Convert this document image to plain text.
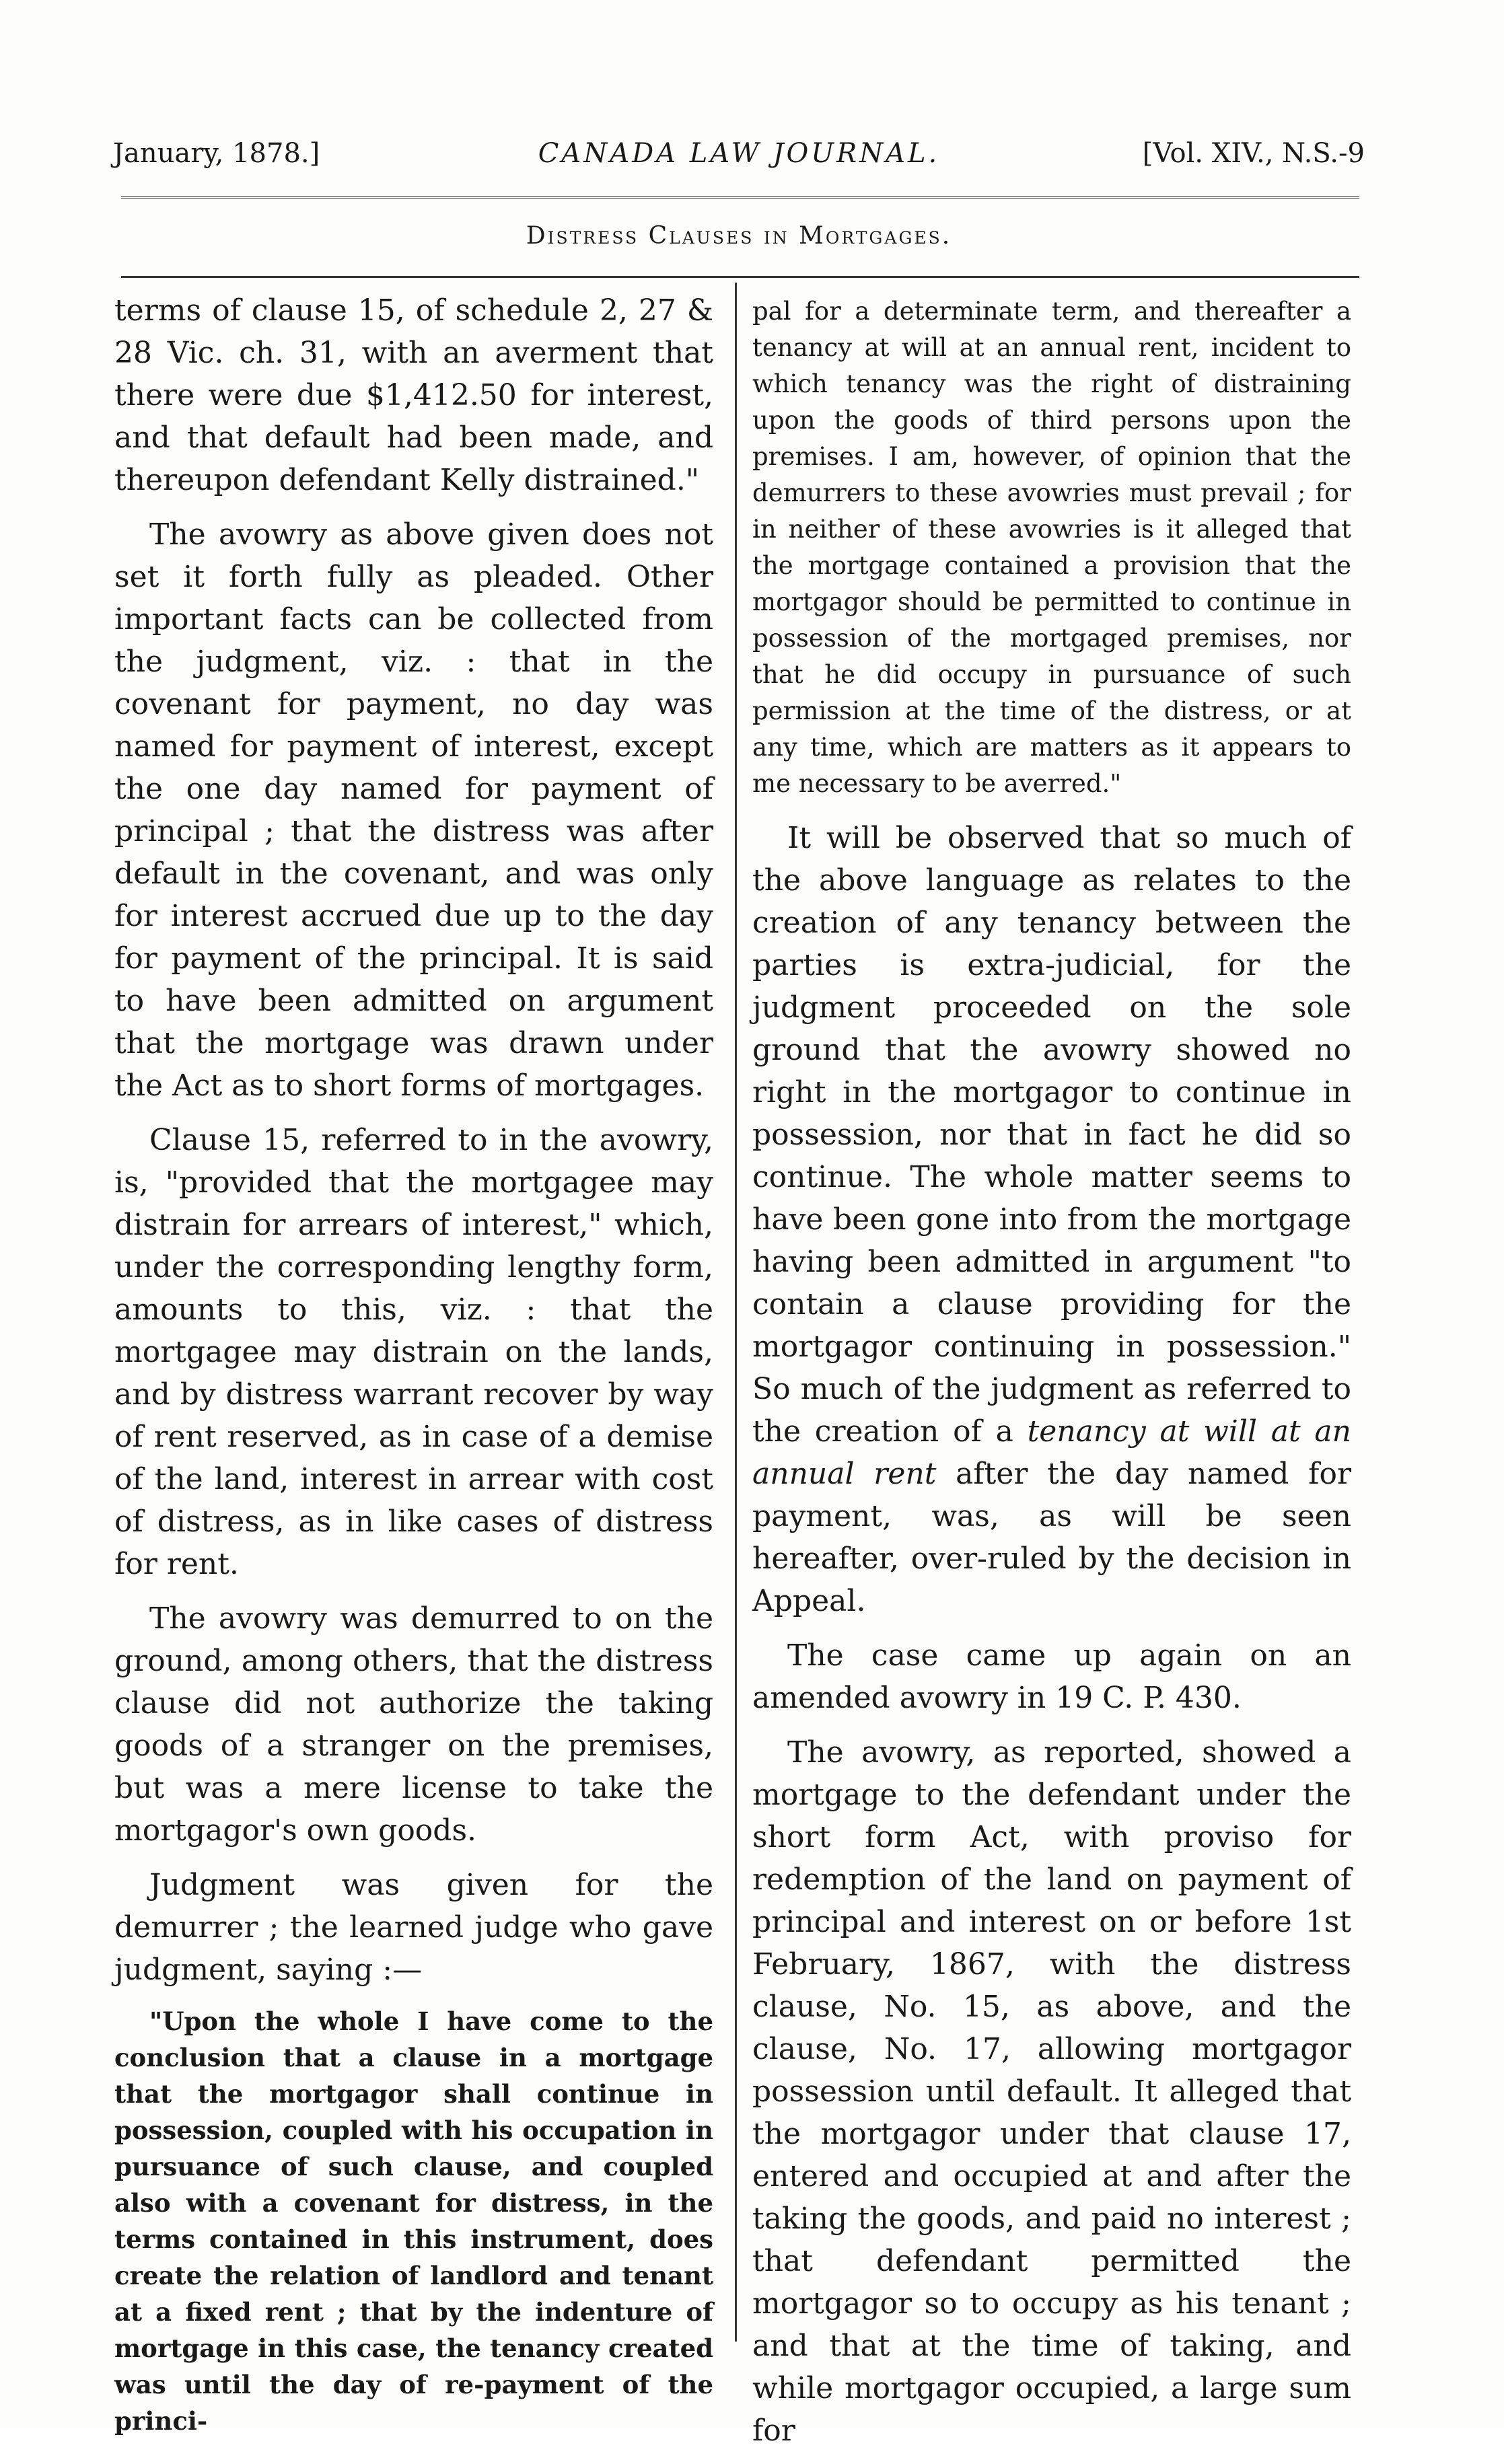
January, 1878.]	CANADA LAW JOURNAL.	[Vol. XIV., N.S.-9
Distress Clauses in Mortgages.

terms of clause 15, of schedule 2, 27 & 28 Vic. ch. 31, with an averment that there were due $1,412.50 for interest, and that default had been made, and thereupon defendant Kelly distrained."

The avowry as above given does not set it forth fully as pleaded. Other important facts can be collected from the judgment, viz. : that in the covenant for payment, no day was named for payment of interest, except the one day named for payment of principal ; that the distress was after default in the covenant, and was only for interest accrued due up to the day for payment of the principal. It is said to have been admitted on argument that the mortgage was drawn under the Act as to short forms of mortgages.

Clause 15, referred to in the avowry, is, "provided that the mortgagee may distrain for arrears of interest," which, under the corresponding lengthy form, amounts to this, viz. : that the mortgagee may distrain on the lands, and by distress warrant recover by way of rent reserved, as in case of a demise of the land, interest in arrear with cost of distress, as in like cases of distress for rent.

The avowry was demurred to on the ground, among others, that the distress clause did not authorize the taking goods of a stranger on the premises, but was a mere license to take the mortgagor's own goods.

Judgment was given for the demurrer ; the learned judge who gave judgment, saying :—

"Upon the whole I have come to the conclusion that a clause in a mortgage that the mortgagor shall continue in possession, coupled with his occupation in pursuance of such clause, and coupled also with a covenant for distress, in the terms contained in this instrument, does create the relation of landlord and tenant at a fixed rent ; that by the indenture of mortgage in this case, the tenancy created was until the day of re-payment of the princi-

pal for a determinate term, and thereafter a tenancy at will at an annual rent, incident to which tenancy was the right of distraining upon the goods of third persons upon the premises. I am, however, of opinion that the demurrers to these avowries must prevail ; for in neither of these avowries is it alleged that the mortgage contained a provision that the mortgagor should be permitted to continue in possession of the mortgaged premises, nor that he did occupy in pursuance of such permission at the time of the distress, or at any time, which are matters as it appears to me necessary to be averred."

It will be observed that so much of the above language as relates to the creation of any tenancy between the parties is extra-judicial, for the judgment proceeded on the sole ground that the avowry showed no right in the mortgagor to continue in possession, nor that in fact he did so continue. The whole matter seems to have been gone into from the mortgage having been admitted in argument "to contain a clause providing for the mortgagor continuing in possession." So much of the judgment as referred to the creation of a tenancy at will at an annual rent after the day named for payment, was, as will be seen hereafter, over-ruled by the decision in Appeal.

The case came up again on an amended avowry in 19 C. P. 430.

The avowry, as reported, showed a mortgage to the defendant under the short form Act, with proviso for redemption of the land on payment of principal and interest on or before 1st February, 1867, with the distress clause, No. 15, as above, and the clause, No. 17, allowing mortgagor possession until default. It alleged that the mortgagor under that clause 17, entered and occupied at and after the taking the goods, and paid no interest ; that defendant permitted the mortgagor so to occupy as his tenant ; and that at the time of taking, and while mortgagor occupied, a large sum for
